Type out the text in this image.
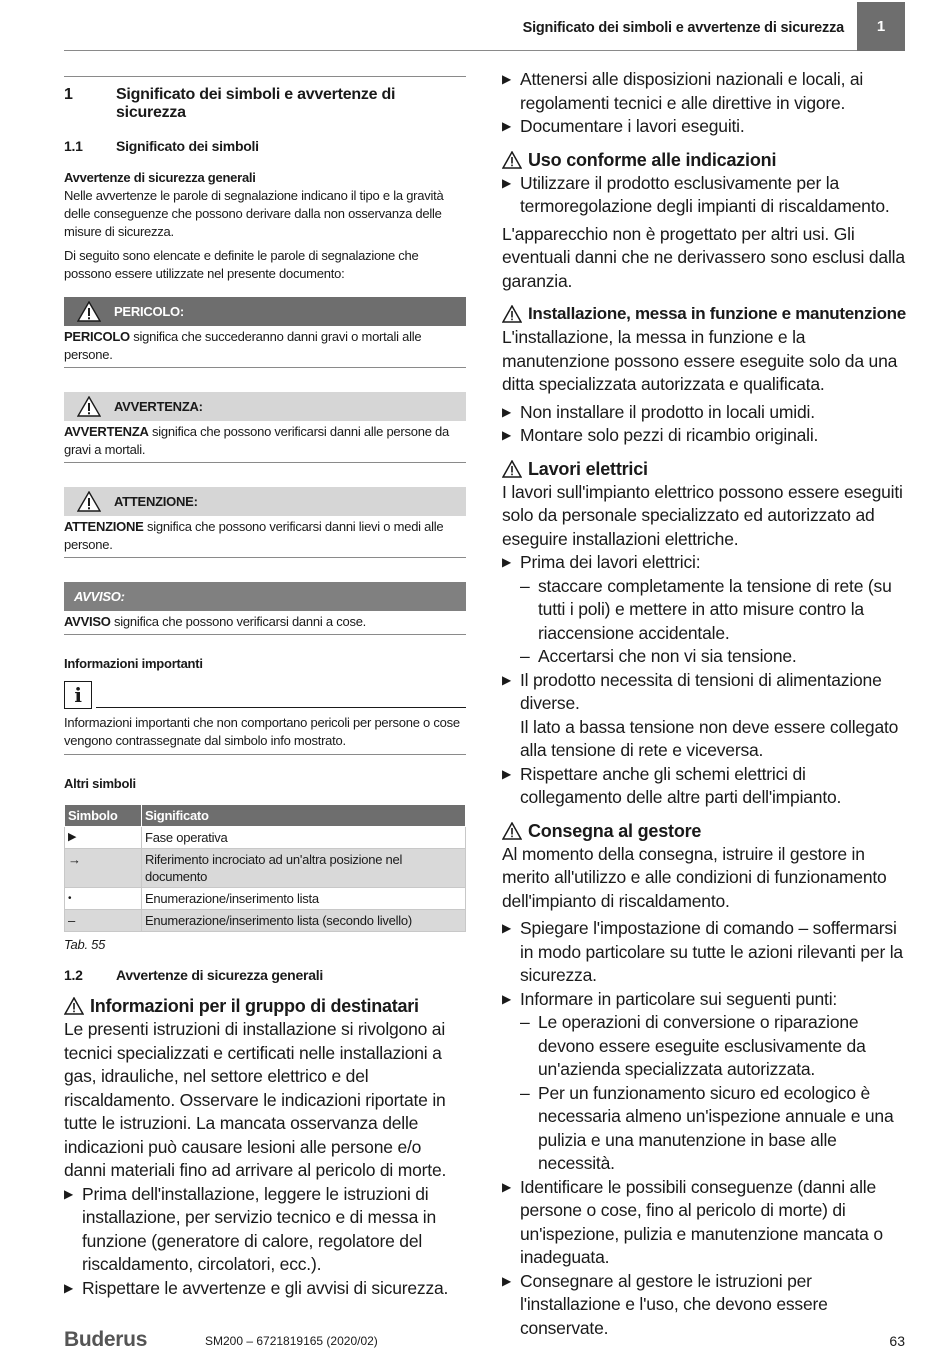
Significato dei simboli e avvertenze di sicurezza	1
1	Significato dei simboli e avvertenze di sicurezza
1.1	Significato dei simboli
Avvertenze di sicurezza generali

Nelle avvertenze le parole di segnalazione indicano il tipo e la gravità delle conseguenze che possono derivare dalla non osservanza delle misure di sicurezza.

Di seguito sono elencate e definite le parole di segnalazione che possono essere utilizzate nel presente documento:

PERICOLO:

PERICOLO significa che succederanno danni gravi o mortali alle persone.

AVVERTENZA:

AVVERTENZA significa che possono verificarsi danni alle persone da gravi a mortali.

ATTENZIONE:

ATTENZIONE significa che possono verificarsi danni lievi o medi alle persone.

AVVISO:

AVVISO significa che possono verificarsi danni a cose.

Informazioni importanti
i

Informazioni importanti che non comportano pericoli per persone o cose vengono contrassegnate dal simbolo info mostrato.

Altri simboli
Simbolo	Significato
▶	Fase operativa
→	Riferimento incrociato ad un'altra posizione nel documento
•	Enumerazione/inserimento lista
–	Enumerazione/inserimento lista (secondo livello)
Tab. 55
1.2	Avvertenze di sicurezza generali
Informazioni per il gruppo di destinatari

Le presenti istruzioni di installazione si rivolgono ai tecnici specializzati e certificati nelle installazioni a gas, idrauliche, nel settore elettrico e del riscaldamento. Osservare le indicazioni riportate in tutte le istruzioni. La mancata osservanza delle indicazioni può causare lesioni alle persone e/o danni materiali fino ad arrivare al pericolo di morte.

▶ Prima dell'installazione, leggere le istruzioni di installazione, per servizio tecnico e di messa in funzione (generatore di calore, regolatore del riscaldamento, circolatori, ecc.).
▶ Rispettare le avvertenze e gli avvisi di sicurezza.
▶ Attenersi alle disposizioni nazionali e locali, ai regolamenti tecnici e alle direttive in vigore.
▶ Documentare i lavori eseguiti.
Uso conforme alle indicazioni
▶ Utilizzare il prodotto esclusivamente per la termoregolazione degli impianti di riscaldamento.

L'apparecchio non è progettato per altri usi. Gli eventuali danni che ne derivassero sono esclusi dalla garanzia.

Installazione, messa in funzione e manutenzione

L'installazione, la messa in funzione e la manutenzione possono essere eseguite solo da una ditta specializzata autorizzata e qualificata.

▶ Non installare il prodotto in locali umidi.
▶ Montare solo pezzi di ricambio originali.
Lavori elettrici

I lavori sull'impianto elettrico possono essere eseguiti solo da personale specializzato ed autorizzato ad eseguire installazioni elettriche.

▶ Prima dei lavori elettrici:
– staccare completamente la tensione di rete (su tutti i poli) e mettere in atto misure contro la riaccensione accidentale.
– Accertarsi che non vi sia tensione.
▶ Il prodotto necessita di tensioni di alimentazione diverse.
Il lato a bassa tensione non deve essere collegato alla tensione di rete e viceversa.
▶ Rispettare anche gli schemi elettrici di collegamento delle altre parti dell'impianto.
Consegna al gestore

Al momento della consegna, istruire il gestore in merito all'utilizzo e alle condizioni di funzionamento dell'impianto di riscaldamento.

▶ Spiegare l'impostazione di comando – soffermarsi in modo particolare su tutte le azioni rilevanti per la sicurezza.
▶ Informare in particolare sui seguenti punti:
– Le operazioni di conversione o riparazione devono essere eseguite esclusivamente da un'azienda specializzata autorizzata.
– Per un funzionamento sicuro ed ecologico è necessaria almeno un'ispezione annuale e una pulizia e una manutenzione in base alle necessità.
▶ Identificare le possibili conseguenze (danni alle persone o cose, fino al pericolo di morte) di un'ispezione, pulizia e manutenzione mancata o inadeguata.
▶ Consegnare al gestore le istruzioni per l'installazione e l'uso, che devono essere conservate.
Buderus	SM200 – 6721819165 (2020/02)	63
